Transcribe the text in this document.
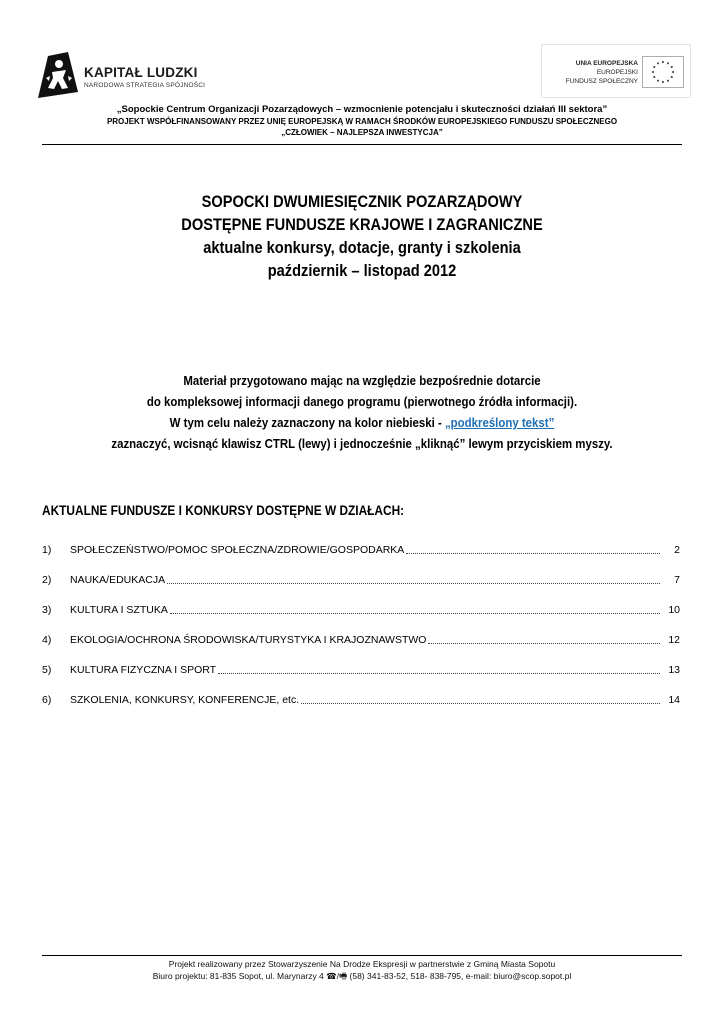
KAPITAŁ LUDZKI
NARODOWA STRATEGIA SPÓJNOŚCI
UNIA EUROPEJSKA
EUROPEJSKI
FUNDUSZ SPOŁECZNY
„Sopockie Centrum Organizacji Pozarządowych – wzmocnienie potencjału i skuteczności działań III sektora”
PROJEKT WSPÓŁFINANSOWANY PRZEZ UNIĘ EUROPEJSKĄ W RAMACH ŚRODKÓW EUROPEJSKIEGO FUNDUSZU SPOŁECZNEGO
„CZŁOWIEK – NAJLEPSZA INWESTYCJA”
SOPOCKI DWUMIESIĘCZNIK POZARZĄDOWY
DOSTĘPNE FUNDUSZE KRAJOWE I ZAGRANICZNE
aktualne konkursy, dotacje, granty i szkolenia
październik – listopad 2012
Materiał przygotowano mając na względzie bezpośrednie dotarcie
do kompleksowej informacji danego programu (pierwotnego źródła informacji).
W tym celu należy zaznaczony na kolor niebieski - „podkreślony tekst”
zaznaczyć, wcisnąć klawisz CTRL (lewy) i jednocześnie „kliknąć” lewym przyciskiem myszy.
AKTUALNE FUNDUSZE I KONKURSY DOSTĘPNE W DZIAŁACH:
1)	SPOŁECZEŃSTWO/POMOC SPOŁECZNA/ZDROWIE/GOSPODARKA	2
2)	NAUKA/EDUKACJA	7
3)	KULTURA I SZTUKA	10
4)	EKOLOGIA/OCHRONA ŚRODOWISKA/TURYSTYKA I KRAJOZNAWSTWO	12
5)	KULTURA FIZYCZNA I SPORT	13
6)	SZKOLENIA, KONKURSY, KONFERENCJE, etc.	14
Projekt realizowany przez Stowarzyszenie Na Drodze Ekspresji w partnerstwie z Gminą Miasta Sopotu
Biuro projektu: 81-835 Sopot, ul. Marynarzy 4 ☎/🖷 (58) 341-83-52, 518- 838-795, e-mail: biuro@scop.sopot.pl
